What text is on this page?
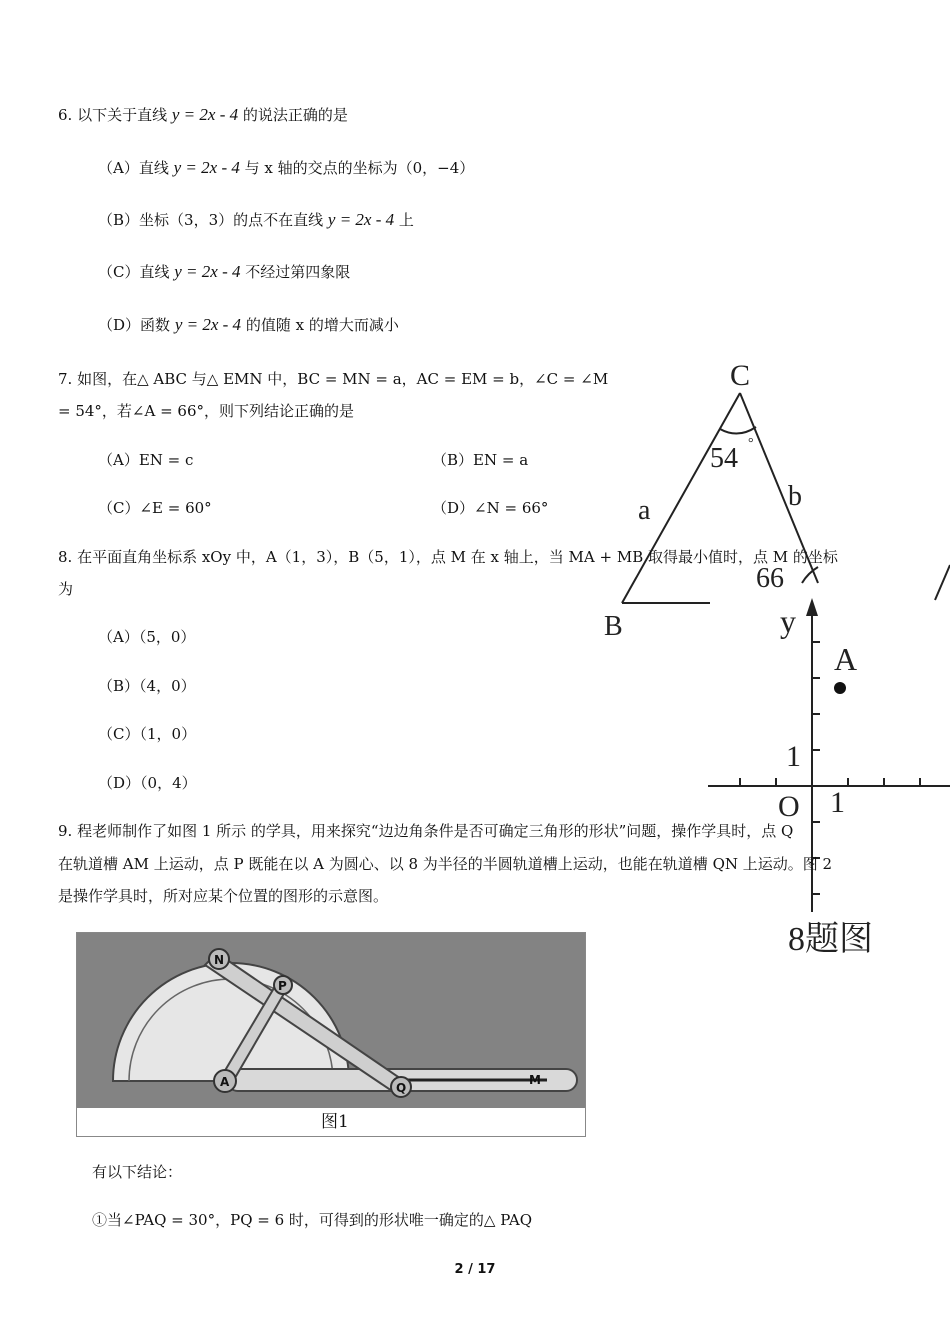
6. 以下关于直线 y = 2x - 4 的说法正确的是
（A）直线 y = 2x - 4 与 x 轴的交点的坐标为（0，−4）
（B）坐标（3，3）的点不在直线 y = 2x - 4 上
（C）直线 y = 2x - 4 不经过第四象限
（D）函数 y = 2x - 4 的值随 x 的增大而减小
7. 如图，在△ ABC 与△ EMN 中，BC = MN = a，AC = EM = b，∠C = ∠M
= 54°，若∠A = 66°，则下列结论正确的是
（A）EN = c	（B）EN = a
（C）∠E = 60°	（D）∠N = 66°
C
54 °
b
a
66
B
8. 在平面直角坐标系 xOy 中，A（1，3），B（5，1），点 M 在 x 轴上，当 MA + MB 取得最小值时，点 M 的坐标
为
（A）（5，0）
（B）（4，0）
（C）（1，0）
（D）（0，4）
y
A
1
O 1
8题图
9. 程老师制作了如图 1 所示 的学具，用来探究“边边角条件是否可确定三角形的形状”问题，操作学具时，点 Q
在轨道槽 AM 上运动，点 P 既能在以 A 为圆心、以 8 为半径的半圆轨道槽上运动，也能在轨道槽 QN 上运动。图 2
是操作学具时，所对应某个位置的图形的示意图。
N
P
A	Q
M
图1
有以下结论：
①当∠PAQ = 30°，PQ = 6 时，可得到的形状唯一确定的△ PAQ
2 / 17
